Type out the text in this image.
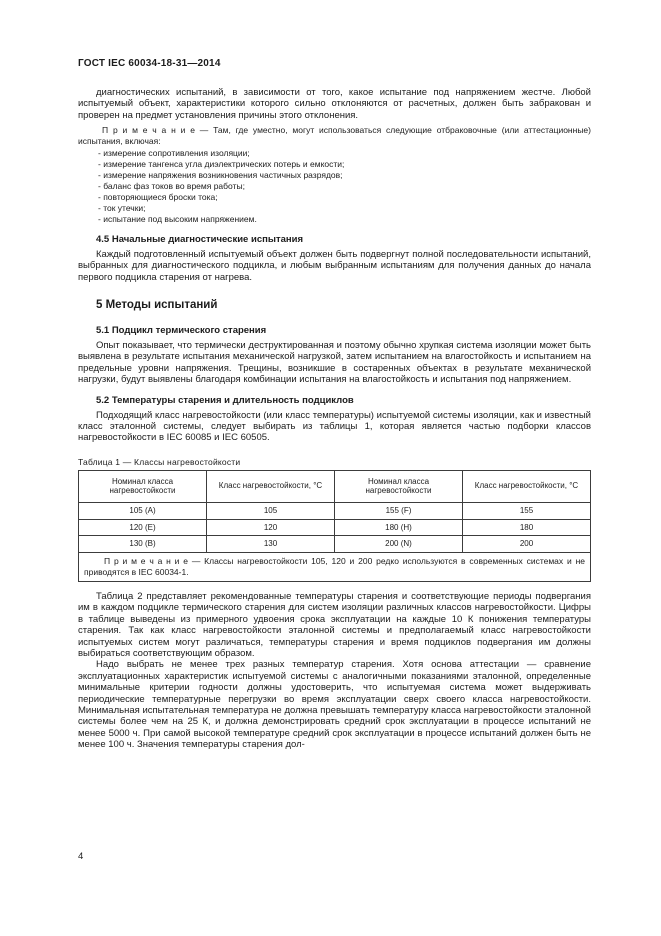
ГОСТ IEC 60034-18-31—2014

диагностических испытаний, в зависимости от того, какое испытание под напряжением жестче. Любой испытуемый объект, характеристики которого сильно отклоняются от расчетных, должен быть забракован и проверен на предмет установления причины этого отклонения.

П р и м е ч а н и е — Там, где уместно, могут использоваться следующие отбраковочные (или аттестационные) испытания, включая:

- измерение сопротивления изоляции;
- измерение тангенса угла диэлектрических потерь и емкости;
- измерение напряжения возникновения частичных разрядов;
- баланс фаз токов во время работы;
- повторяющиеся броски тока;
- ток утечки;
- испытание под высоким напряжением.
4.5 Начальные диагностические испытания

Каждый подготовленный испытуемый объект должен быть подвергнут полной последовательности испытаний, выбранных для диагностического подцикла, и любым выбранным испытаниям для получения данных до начала первого подцикла старения от нагрева.

5 Методы испытаний
5.1 Подцикл термического старения

Опыт показывает, что термически деструктированная и поэтому обычно хрупкая система изоляции может быть выявлена в результате испытания механической нагрузкой, затем испытанием на влагостойкость и испытанием на предельные уровни напряжения. Трещины, возникшие в состаренных объектах в результате механической нагрузки, будут выявлены благодаря комбинации испытания на влагостойкость и испытания под напряжением.

5.2 Температуры старения и длительность подциклов

Подходящий класс нагревостойкости (или класс температуры) испытуемой системы изоляции, как и известный класс эталонной системы, следует выбирать из таблицы 1, которая является частью подборки классов нагревостойкости в IEC 60085 и IEC 60505.

Таблица 1 — Классы нагревостойкости
Номинал класса нагревостойкости	Класс нагревостойкости, °С	Номинал класса нагревостойкости	Класс нагревостойкости, °С
105 (A)	105	155 (F)	155
120 (E)	120	180 (H)	180
130 (B)	130	200 (N)	200
П р и м е ч а н и е — Классы нагревостойкости 105, 120 и 200 редко используются в современных системах и не приводятся в IEC 60034-1.			

Таблица 2 представляет рекомендованные температуры старения и соответствующие периоды подвергания им в каждом подцикле термического старения для систем изоляции различных классов нагревостойкости. Цифры в таблице выведены из примерного удвоения срока эксплуатации на каждые 10 К понижения температуры старения. Так как класс нагревостойкости эталонной системы и предполагаемый класс нагревостойкости испытуемых систем могут различаться, температуры старения и время подциклов подвергания им должны выбираться соответствующим образом.

Надо выбрать не менее трех разных температур старения. Хотя основа аттестации — сравнение эксплуатационных характеристик испытуемой системы с аналогичными показаниями эталонной, определенные минимальные критерии годности должны удостоверить, что испытуемая система может выдерживать периодические температурные перегрузки во время эксплуатации сверх своего класса нагревостойкости. Минимальная испытательная температура не должна превышать температуру класса нагревостойкости эталонной системы более чем на 25 К, и должна демонстрировать средний срок эксплуатации в процессе испытаний не менее 5000 ч. При самой высокой температуре средний срок эксплуатации в процессе испытаний должен быть не менее 100 ч. Значения температуры старения дол-

4
